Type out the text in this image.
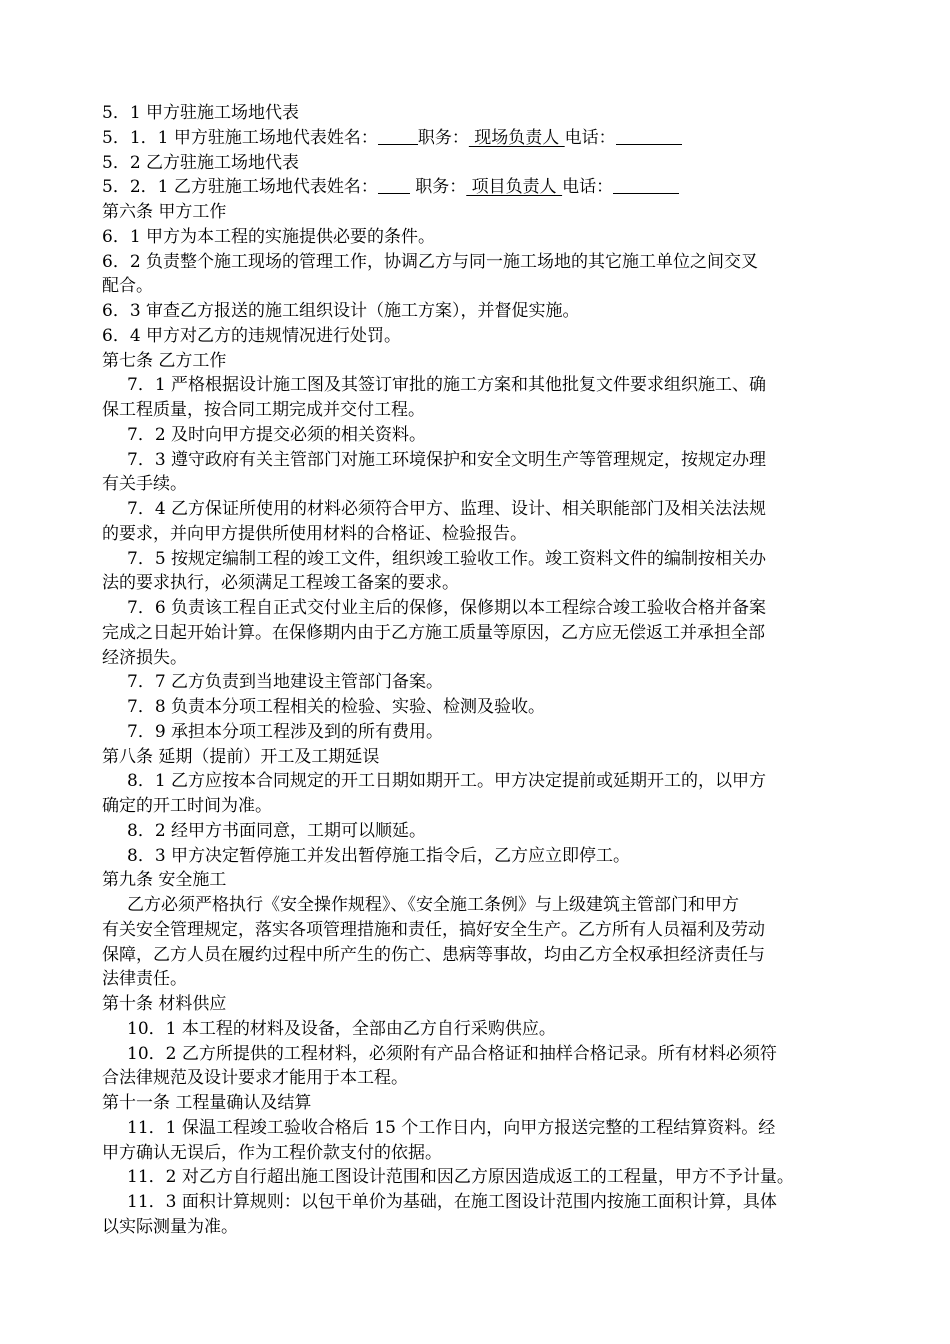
5．1 甲方驻施工场地代表
5．1．1 甲方驻施工场地代表姓名： 职务： 现场负责人 电话：
5．2 乙方驻施工场地代表
5．2．1 乙方驻施工场地代表姓名： 职务： 项目负责人 电话：
第六条 甲方工作
6．1 甲方为本工程的实施提供必要的条件。
6．2 负责整个施工现场的管理工作，协调乙方与同一施工场地的其它施工单位之间交叉
配合。
6．3 审查乙方报送的施工组织设计（施工方案），并督促实施。
6．4 甲方对乙方的违规情况进行处罚。
第七条 乙方工作
7．1 严格根据设计施工图及其签订审批的施工方案和其他批复文件要求组织施工、确
保工程质量，按合同工期完成并交付工程。
7．2 及时向甲方提交必须的相关资料。
7．3 遵守政府有关主管部门对施工环境保护和安全文明生产等管理规定，按规定办理
有关手续。
7．4 乙方保证所使用的材料必须符合甲方、监理、设计、相关职能部门及相关法法规
的要求，并向甲方提供所使用材料的合格证、检验报告。
7．5 按规定编制工程的竣工文件，组织竣工验收工作。竣工资料文件的编制按相关办
法的要求执行，必须满足工程竣工备案的要求。
7．6 负责该工程自正式交付业主后的保修，保修期以本工程综合竣工验收合格并备案
完成之日起开始计算。在保修期内由于乙方施工质量等原因，乙方应无偿返工并承担全部
经济损失。
7．7 乙方负责到当地建设主管部门备案。
7．8 负责本分项工程相关的检验、实验、检测及验收。
7．9 承担本分项工程涉及到的所有费用。
第八条 延期（提前）开工及工期延误
8．1 乙方应按本合同规定的开工日期如期开工。甲方决定提前或延期开工的，以甲方
确定的开工时间为准。
8．2 经甲方书面同意，工期可以顺延。
8．3 甲方决定暂停施工并发出暂停施工指令后，乙方应立即停工。
第九条 安全施工
乙方必须严格执行《安全操作规程》、《安全施工条例》与上级建筑主管部门和甲方
有关安全管理规定，落实各项管理措施和责任，搞好安全生产。乙方所有人员福利及劳动
保障，乙方人员在履约过程中所产生的伤亡、患病等事故，均由乙方全权承担经济责任与
法律责任。
第十条 材料供应
10．1 本工程的材料及设备，全部由乙方自行采购供应。
10．2 乙方所提供的工程材料，必须附有产品合格证和抽样合格记录。所有材料必须符
合法律规范及设计要求才能用于本工程。
第十一条 工程量确认及结算
11．1 保温工程竣工验收合格后 15 个工作日内，向甲方报送完整的工程结算资料。经
甲方确认无误后，作为工程价款支付的依据。
11．2 对乙方自行超出施工图设计范围和因乙方原因造成返工的工程量，甲方不予计量。
11．3 面积计算规则：以包干单价为基础，在施工图设计范围内按施工面积计算，具体
以实际测量为准。
